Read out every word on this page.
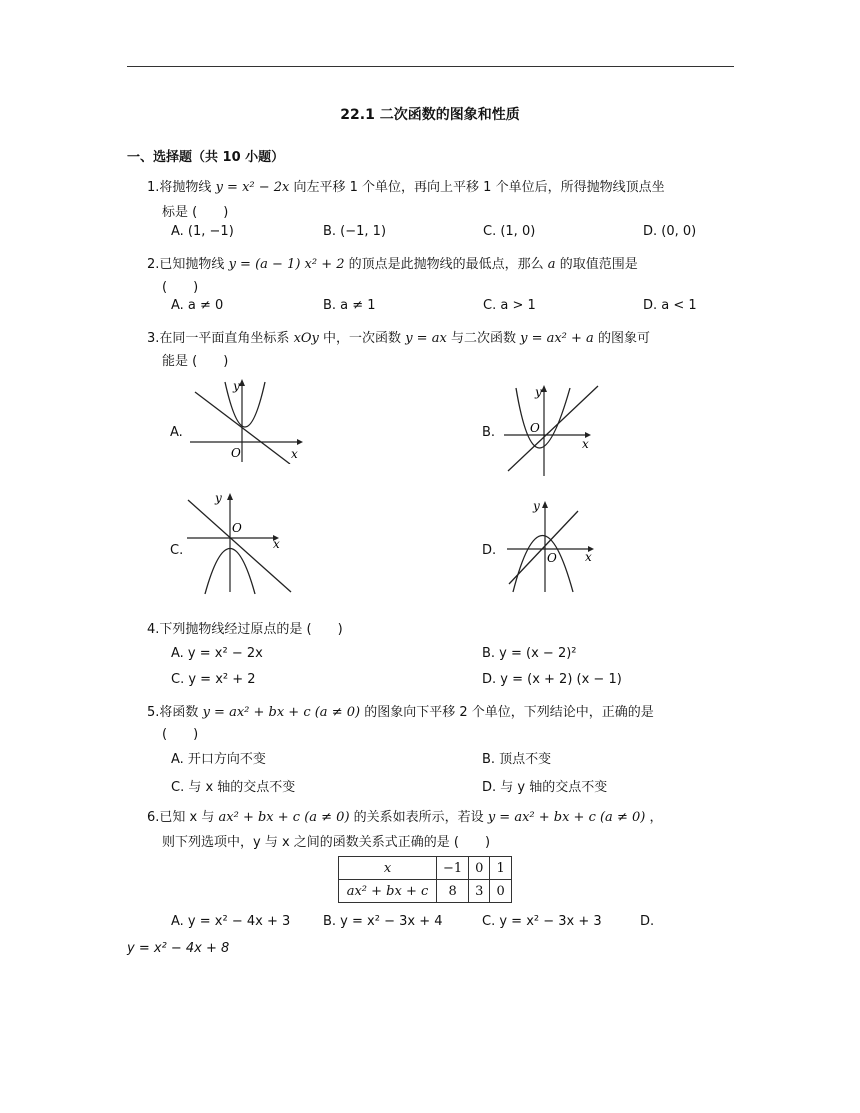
22.1 二次函数的图象和性质
一、选择题（共 10 小题）
1.将抛物线 y = x² − 2x 向左平移 1 个单位，再向上平移 1 个单位后，所得抛物线顶点坐
标是 (　　)
A. (1, −1)	B. (−1, 1)	C. (1, 0)	D. (0, 0)
2.已知抛物线 y = (a − 1) x² + 2 的顶点是此抛物线的最低点，那么 a 的取值范围是
(　　)
A. a ≠ 0	B. a ≠ 1	C. a > 1	D. a < 1
3.在同一平面直角坐标系 xOy 中，一次函数 y = ax 与二次函数 y = ax² + a 的图象可
能是 (　　)
A.	B.
C.	D.
y
x
O
y
x
O
y
x
O
y
x
O
4.下列抛物线经过原点的是 (　　)
A. y = x² − 2x	B. y = (x − 2)²
C. y = x² + 2	D. y = (x + 2) (x − 1)
5.将函数 y = ax² + bx + c (a ≠ 0) 的图象向下平移 2 个单位，下列结论中，正确的是
(　　)
A. 开口方向不变	B. 顶点不变
C. 与 x 轴的交点不变	D. 与 y 轴的交点不变
6.已知 x 与 ax² + bx + c (a ≠ 0) 的关系如表所示，若设 y = ax² + bx + c (a ≠ 0) ，
则下列选项中，y 与 x 之间的函数关系式正确的是 (　　)
x	−1	0	1
ax² + bx + c	8	3	0
A. y = x² − 4x + 3	B. y = x² − 3x + 4	C. y = x² − 3x + 3	D.
y = x² − 4x + 8
